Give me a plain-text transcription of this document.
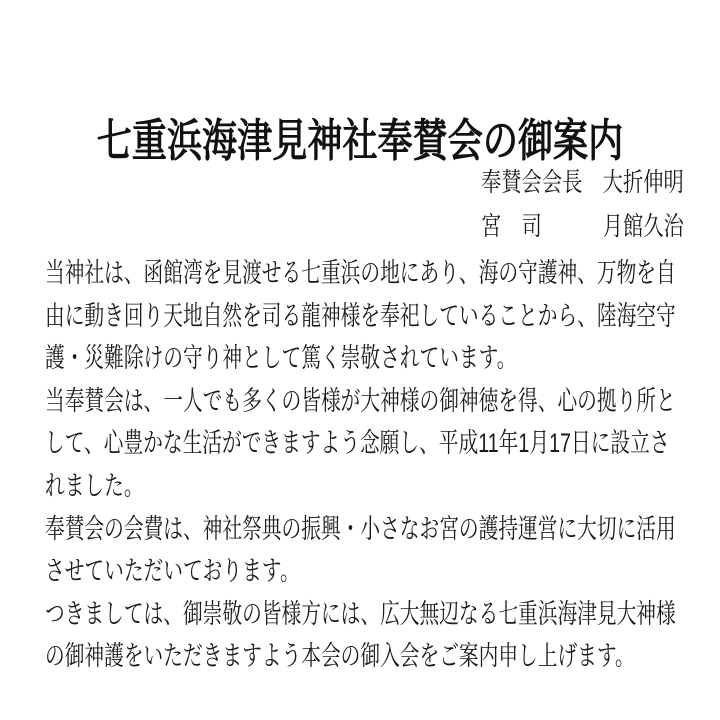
七重浜海津見神社奉賛会の御案内
奉賛会会長 大折伸明
宮　司 月館久治
当神社は、函館湾を見渡せる七重浜の地にあり、海の守護神、万物を自
由に動き回り天地自然を司る龍神様を奉祀していることから、陸海空守
護・災難除けの守り神として篤く崇敬されています。
当奉賛会は、一人でも多くの皆様が大神様の御神徳を得、心の拠り所と
して、心豊かな生活ができますよう念願し、平成11年1月17日に設立さ
れました。
奉賛会の会費は、神社祭典の振興・小さなお宮の護持運営に大切に活用
させていただいております。
つきましては、御崇敬の皆様方には、広大無辺なる七重浜海津見大神様
の御神護をいただきますよう本会の御入会をご案内申し上げます。
